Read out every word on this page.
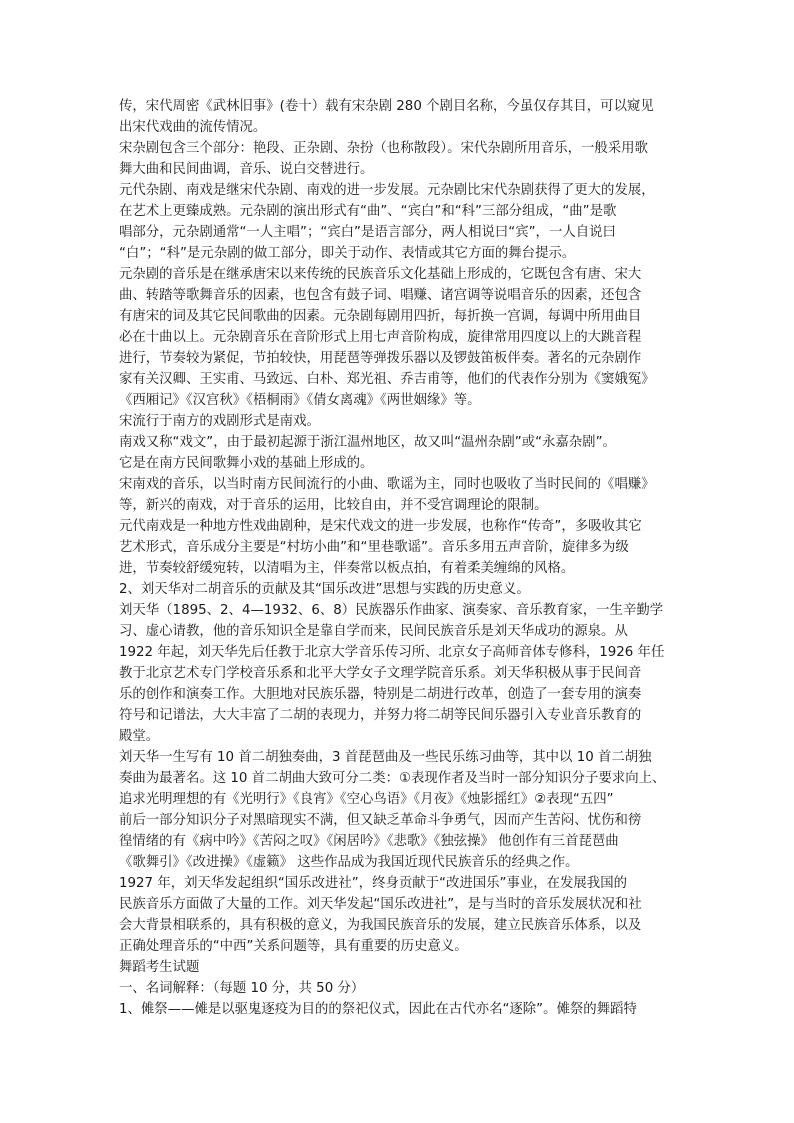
传，宋代周密《武林旧事》(卷十）载有宋杂剧 280 个剧目名称，今虽仅存其目，可以窥见
出宋代戏曲的流传情况。

宋杂剧包含三个部分：艳段、正杂剧、杂扮（也称散段）。宋代杂剧所用音乐，一般采用歌
舞大曲和民间曲调，音乐、说白交替进行。

元代杂剧、南戏是继宋代杂剧、南戏的进一步发展。元杂剧比宋代杂剧获得了更大的发展，
在艺术上更臻成熟。元杂剧的演出形式有“曲”、“宾白”和“科”三部分组成，“曲”是歌
唱部分，元杂剧通常“一人主唱”；“宾白”是语言部分，两人相说曰“宾”，一人自说曰
“白”；“科”是元杂剧的做工部分，即关于动作、表情或其它方面的舞台提示。

元杂剧的音乐是在继承唐宋以来传统的民族音乐文化基础上形成的，它既包含有唐、宋大
曲、转踏等歌舞音乐的因素，也包含有鼓子词、唱赚、诸宫调等说唱音乐的因素，还包含
有唐宋的词及其它民间歌曲的因素。元杂剧每剧用四折，每折换一宫调，每调中所用曲目
必在十曲以上。元杂剧音乐在音阶形式上用七声音阶构成，旋律常用四度以上的大跳音程
进行，节奏较为紧促，节拍较快，用琵琶等弹拨乐器以及锣鼓笛板伴奏。著名的元杂剧作
家有关汉卿、王实甫、马致远、白朴、郑光祖、乔吉甫等，他们的代表作分别为《窦娥冤》
《西厢记》《汉宫秋》《梧桐雨》《倩女离魂》《两世姻缘》等。

宋流行于南方的戏剧形式是南戏。

南戏又称“戏文”，由于最初起源于浙江温州地区，故又叫“温州杂剧”或“永嘉杂剧”。
它是在南方民间歌舞小戏的基础上形成的。

宋南戏的音乐，以当时南方民间流行的小曲、歌谣为主，同时也吸收了当时民间的《唱赚》
等，新兴的南戏，对于音乐的运用，比较自由，并不受宫调理论的限制。

元代南戏是一种地方性戏曲剧种，是宋代戏文的进一步发展，也称作“传奇”，多吸收其它
艺术形式，音乐成分主要是“村坊小曲”和“里巷歌谣”。音乐多用五声音阶，旋律多为级
进，节奏较舒缓宛转，以清唱为主，伴奏常以板点拍，有着柔美缠绵的风格。

2、刘天华对二胡音乐的贡献及其“国乐改进”思想与实践的历史意义。

刘天华（1895、2、4—1932、6、8）民族器乐作曲家、演奏家、音乐教育家，一生辛勤学
习、虚心请教，他的音乐知识全是靠自学而来，民间民族音乐是刘天华成功的源泉。从
1922 年起，刘天华先后任教于北京大学音乐传习所、北京女子高师音体专修科，1926 年任
教于北京艺术专门学校音乐系和北平大学女子文理学院音乐系。刘天华积极从事于民间音
乐的创作和演奏工作。大胆地对民族乐器，特别是二胡进行改革，创造了一套专用的演奏
符号和记谱法，大大丰富了二胡的表现力，并努力将二胡等民间乐器引入专业音乐教育的
殿堂。

刘天华一生写有 10 首二胡独奏曲，3 首琵琶曲及一些民乐练习曲等，其中以 10 首二胡独
奏曲为最著名。这 10 首二胡曲大致可分二类：①表现作者及当时一部分知识分子要求向上、
追求光明理想的有《光明行》《良宵》《空心鸟语》《月夜》《烛影摇红》②表现“五四”
前后一部分知识分子对黑暗现实不满，但又缺乏革命斗争勇气，因而产生苦闷、忧伤和徬
徨情绪的有《病中吟》《苦闷之叹》《闲居吟》《悲歌》《独弦操》 他创作有三首琵琶曲
《歌舞引》《改进操》《虚籁》 这些作品成为我国近现代民族音乐的经典之作。

1927 年，刘天华发起组织“国乐改进社”，终身贡献于“改进国乐”事业，在发展我国的
民族音乐方面做了大量的工作。刘天华发起“国乐改进社”，是与当时的音乐发展状况和社
会大背景相联系的，具有积极的意义，为我国民族音乐的发展，建立民族音乐体系，以及
正确处理音乐的“中西”关系问题等，具有重要的历史意义。

舞蹈考生试题

一、名词解释：（每题 10 分，共 50 分）

1、傩祭——傩是以驱鬼逐疫为目的的祭祀仪式，因此在古代亦名“逐除”。傩祭的舞蹈特
